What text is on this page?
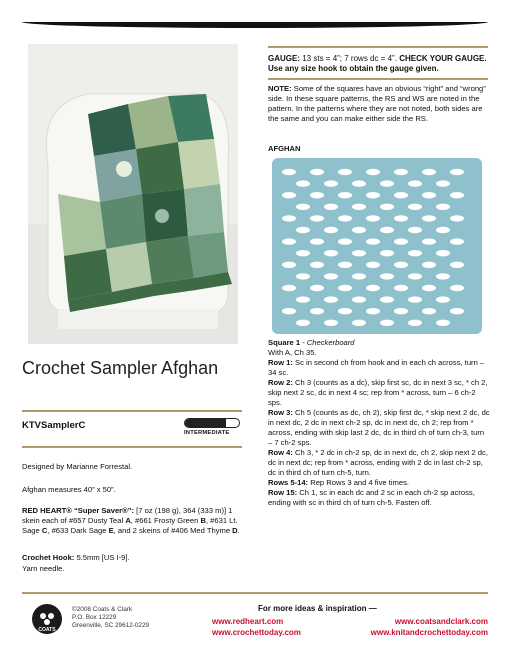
Crochet Sampler Afghan
KTVSamplerC
INTERMEDIATE
Designed by Marianne Forrestal.
Afghan measures 40” x 50”.
RED HEART® “Super Saver®”: [7 oz (198 g), 364 (333 m)] 1 skein each of #657 Dusty Teal A, #661 Frosty Green B, #631 Lt. Sage C, #633 Dark Sage E, and 2 skeins of #406 Med Thyme D.
Crochet Hook: 5.5mm [US I-9].
Yarn needle.
GAUGE: 13 sts = 4”; 7 rows dc = 4”. CHECK YOUR GAUGE. Use any size hook to obtain the gauge given.
NOTE: Some of the squares have an obvious “right” and “wrong” side. In these square patterns, the RS and WS are noted in the pattern. In the patterns where they are not noted, both sides are the same and you can make either side the RS.
AFGHAN

Square 1 - Checkerboard

With A, Ch 35.

Row 1: Sc in second ch from hook and in each ch across, turn – 34 sc.

Row 2: Ch 3 (counts as a dc), skip first sc, dc in next 3 sc, * ch 2, skip next 2 sc, dc in next 4 sc; rep from * across, turn – 6 ch-2 sps.

Row 3: Ch 5 (counts as dc, ch 2), skip first dc, * skip next 2 dc, dc in next dc, 2 dc in next ch-2 sp, dc in next dc, ch 2; rep from * across, ending with skip last 2 dc, dc in third ch of turn ch-3, turn – 7 ch-2 sps.

Row 4: Ch 3, * 2 dc in ch-2 sp, dc in next dc, ch 2, skip next 2 dc, dc in next dc; rep from * across, ending with 2 dc in last ch-2 sp, dc in third ch of turn ch-5, turn.

Rows 5-14: Rep Rows 3 and 4 five times.

Row 15: Ch 1, sc in each dc and 2 sc in each ch-2 sp across, ending with sc in third ch of turn ch-5. Fasten off.

COATS
©2008 Coats & Clark
P.O. Box 12229
Greenville, SC 29612-0229
For more ideas & inspiration —
www.redheart.com	www.coatsandclark.com
www.crochettoday.com	www.knitandcrochettoday.com
